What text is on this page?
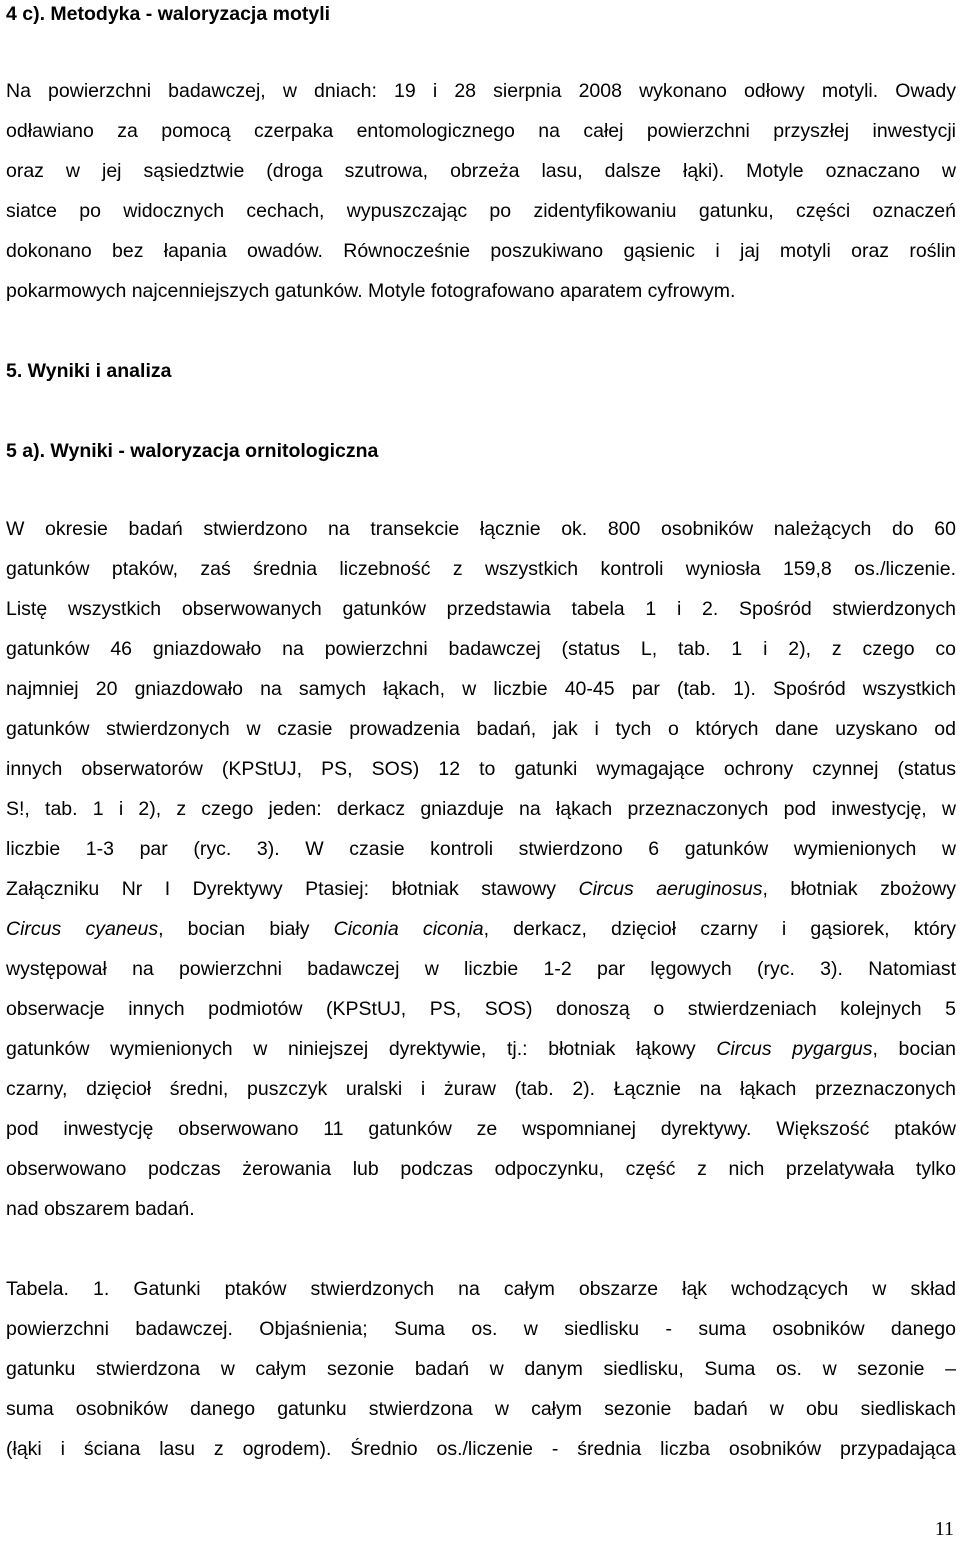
4 c). Metodyka - waloryzacja motyli
Na powierzchni badawczej, w dniach: 19 i 28 sierpnia 2008 wykonano odłowy motyli. Owady
odławiano za pomocą czerpaka entomologicznego na całej powierzchni przyszłej inwestycji
oraz w jej sąsiedztwie (droga szutrowa, obrzeża lasu, dalsze łąki). Motyle oznaczano w
siatce po widocznych cechach, wypuszczając po zidentyfikowaniu gatunku, części oznaczeń
dokonano bez łapania owadów. Równocześnie poszukiwano gąsienic i jaj motyli oraz roślin
pokarmowych najcenniejszych gatunków. Motyle fotografowano aparatem cyfrowym.
5. Wyniki i analiza
5 a). Wyniki - waloryzacja ornitologiczna
W okresie badań stwierdzono na transekcie łącznie ok. 800 osobników należących do 60
gatunków ptaków, zaś średnia liczebność z wszystkich kontroli wyniosła 159,8 os./liczenie.
Listę wszystkich obserwowanych gatunków przedstawia tabela 1 i 2. Spośród stwierdzonych
gatunków 46 gniazdowało na powierzchni badawczej (status L, tab. 1 i 2), z czego co
najmniej 20 gniazdowało na samych łąkach, w liczbie 40-45 par (tab. 1). Spośród wszystkich
gatunków stwierdzonych w czasie prowadzenia badań, jak i tych o których dane uzyskano od
innych obserwatorów (KPStUJ, PS, SOS) 12 to gatunki wymagające ochrony czynnej (status
S!, tab. 1 i 2), z czego jeden: derkacz gniazduje na łąkach przeznaczonych pod inwestycję, w
liczbie 1-3 par (ryc. 3). W czasie kontroli stwierdzono 6 gatunków wymienionych w
Załączniku Nr I Dyrektywy Ptasiej: błotniak stawowy Circus aeruginosus, błotniak zbożowy
Circus cyaneus, bocian biały Ciconia ciconia, derkacz, dzięcioł czarny i gąsiorek, który
występował na powierzchni badawczej w liczbie 1-2 par lęgowych (ryc. 3). Natomiast
obserwacje innych podmiotów (KPStUJ, PS, SOS) donoszą o stwierdzeniach kolejnych 5
gatunków wymienionych w niniejszej dyrektywie, tj.: błotniak łąkowy Circus pygargus, bocian
czarny, dzięcioł średni, puszczyk uralski i żuraw (tab. 2). Łącznie na łąkach przeznaczonych
pod inwestycję obserwowano 11 gatunków ze wspomnianej dyrektywy. Większość ptaków
obserwowano podczas żerowania lub podczas odpoczynku, część z nich przelatywała tylko
nad obszarem badań.
Tabela. 1. Gatunki ptaków stwierdzonych na całym obszarze łąk wchodzących w skład
powierzchni badawczej. Objaśnienia; Suma os. w siedlisku - suma osobników danego
gatunku stwierdzona w całym sezonie badań w danym siedlisku, Suma os. w sezonie –
suma osobników danego gatunku stwierdzona w całym sezonie badań w obu siedliskach
(łąki i ściana lasu z ogrodem). Średnio os./liczenie - średnia liczba osobników przypadająca
11
